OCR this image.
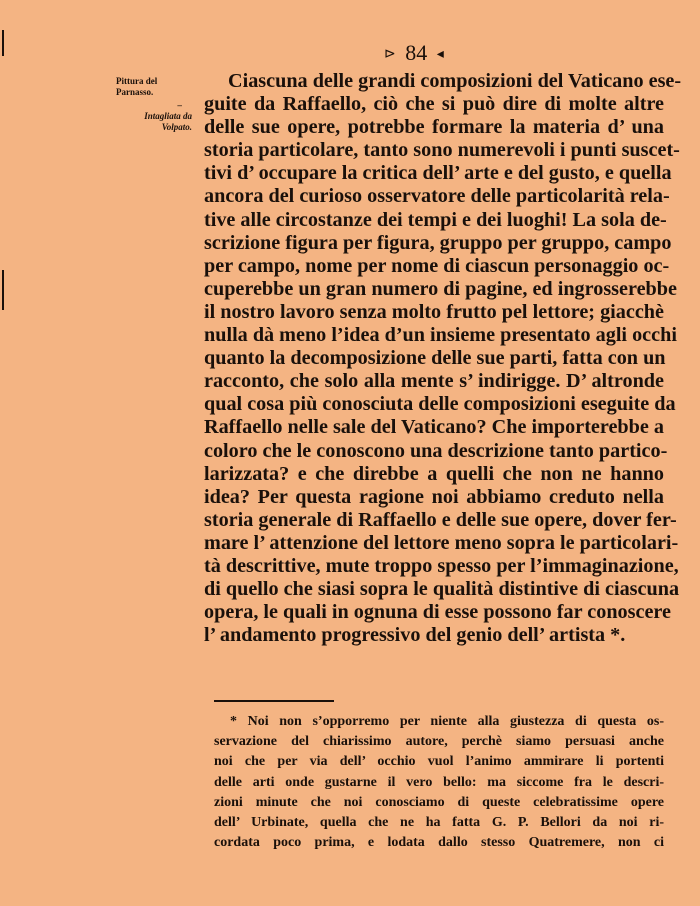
⊳ 84 ◂
Pittura del Parnasso.
–
Intagliata da Volpato.
Ciascuna delle grandi composizioni del Vaticano ese-
guite da Raffaello, ciò che si può dire di molte altre
delle sue opere, potrebbe formare la materia d’ una
storia particolare, tanto sono numerevoli i punti suscet-
tivi d’ occupare la critica dell’ arte e del gusto, e quella
ancora del curioso osservatore delle particolarità rela-
tive alle circostanze dei tempi e dei luoghi! La sola de-
scrizione figura per figura, gruppo per gruppo, campo
per campo, nome per nome di ciascun personaggio oc-
cuperebbe un gran numero di pagine, ed ingrosserebbe
il nostro lavoro senza molto frutto pel lettore; giacchè
nulla dà meno l’idea d’un insieme presentato agli occhi
quanto la decomposizione delle sue parti, fatta con un
racconto, che solo alla mente s’ indirigge. D’ altronde
qual cosa più conosciuta delle composizioni eseguite da
Raffaello nelle sale del Vaticano? Che importerebbe a
coloro che le conoscono una descrizione tanto partico-
larizzata? e che direbbe a quelli che non ne hanno
idea? Per questa ragione noi abbiamo creduto nella
storia generale di Raffaello e delle sue opere, dover fer-
mare l’ attenzione del lettore meno sopra le particolari-
tà descrittive, mute troppo spesso per l’immaginazione,
di quello che siasi sopra le qualità distintive di ciascuna
opera, le quali in ognuna di esse possono far conoscere
l’ andamento progressivo del genio dell’ artista *.
* Noi non s’opporremo per niente alla giustezza di questa os-
servazione del chiarissimo autore, perchè siamo persuasi anche
noi che per via dell’ occhio vuol l’animo ammirare li portenti
delle arti onde gustarne il vero bello: ma siccome fra le descri-
zioni minute che noi conosciamo di queste celebratissime opere
dell’ Urbinate, quella che ne ha fatta G. P. Bellori da noi ri-
cordata poco prima, e lodata dallo stesso Quatremere, non ci
